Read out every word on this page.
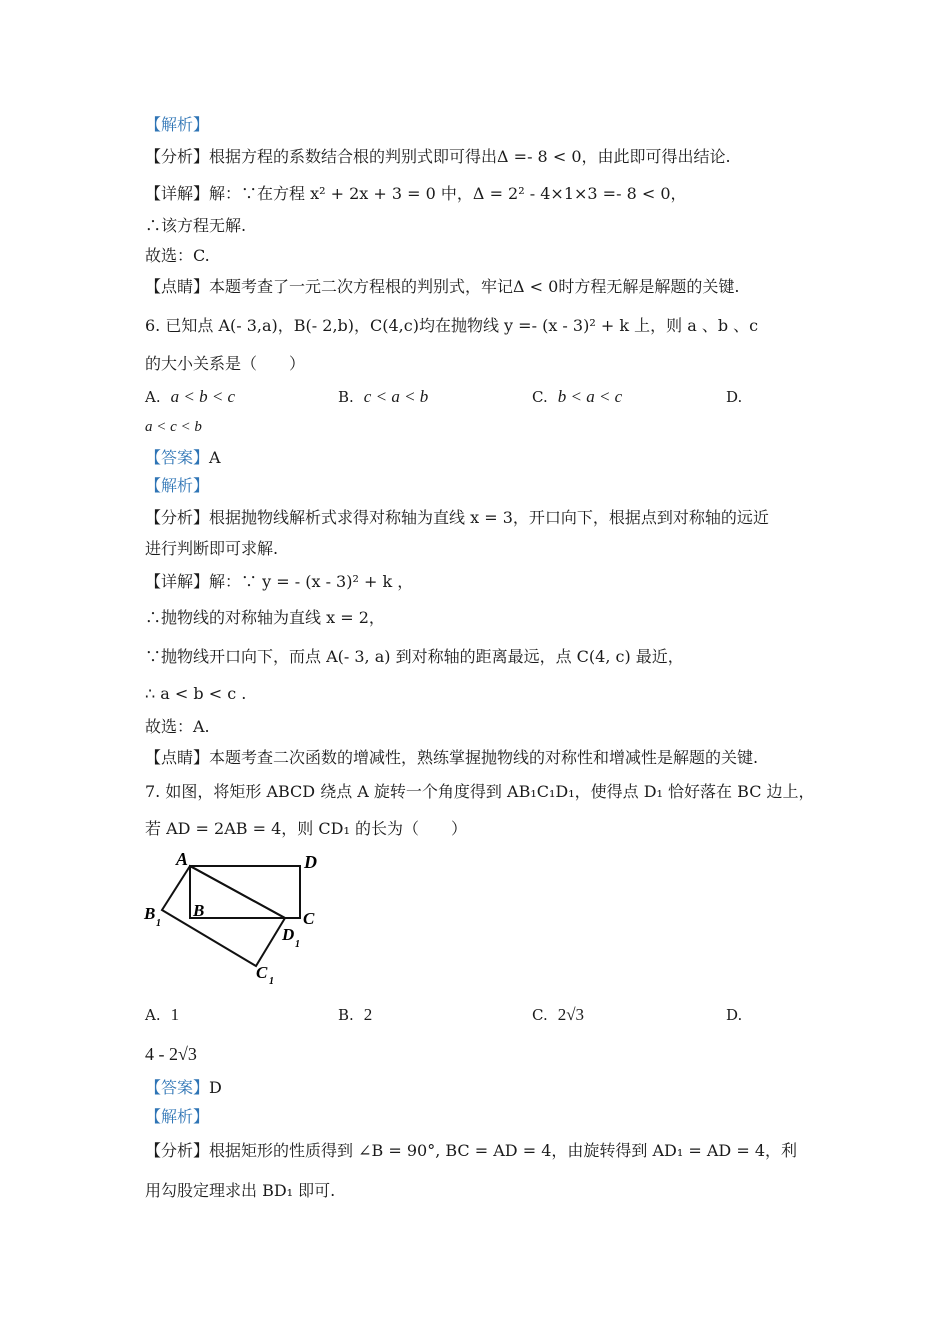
【解析】
【分析】根据方程的系数结合根的判别式即可得出Δ =- 8 < 0，由此即可得出结论.
【详解】解：∵在方程 x² + 2x + 3 = 0 中，Δ = 2² - 4×1×3 =- 8 < 0，
∴该方程无解.
故选：C.
【点睛】本题考查了一元二次方程根的判别式，牢记Δ < 0时方程无解是解题的关键.
6. 已知点 A(- 3,a)，B(- 2,b)，C(4,c)均在抛物线 y =- (x - 3)² + k 上，则 a 、b 、c
的大小关系是（　　）
A. a < b < c	B. c < a < b	C. b < a < c	D.
a < c < b
【答案】A
【解析】
【分析】根据抛物线解析式求得对称轴为直线 x = 3，开口向下，根据点到对称轴的远近
进行判断即可求解.
【详解】解：∵ y = - (x - 3)² + k ，
∴抛物线的对称轴为直线 x = 2，
∵抛物线开口向下，而点 A(- 3, a) 到对称轴的距离最远，点 C(4, c) 最近，
∴ a < b < c .
故选：A.
【点睛】本题考查二次函数的增减性，熟练掌握抛物线的对称性和增减性是解题的关键.
7. 如图，将矩形 ABCD 绕点 A 旋转一个角度得到 AB₁C₁D₁，使得点 D₁ 恰好落在 BC 边上，
若 AD = 2AB = 4，则 CD₁ 的长为（　　）
A	D
B	C
B
1
D
1
C 1
A. 1	B. 2	C. 2√3	D.
4 - 2√3
【答案】D
【解析】
【分析】根据矩形的性质得到 ∠B = 90°, BC = AD = 4，由旋转得到 AD₁ = AD = 4，利
用勾股定理求出 BD₁ 即可.
